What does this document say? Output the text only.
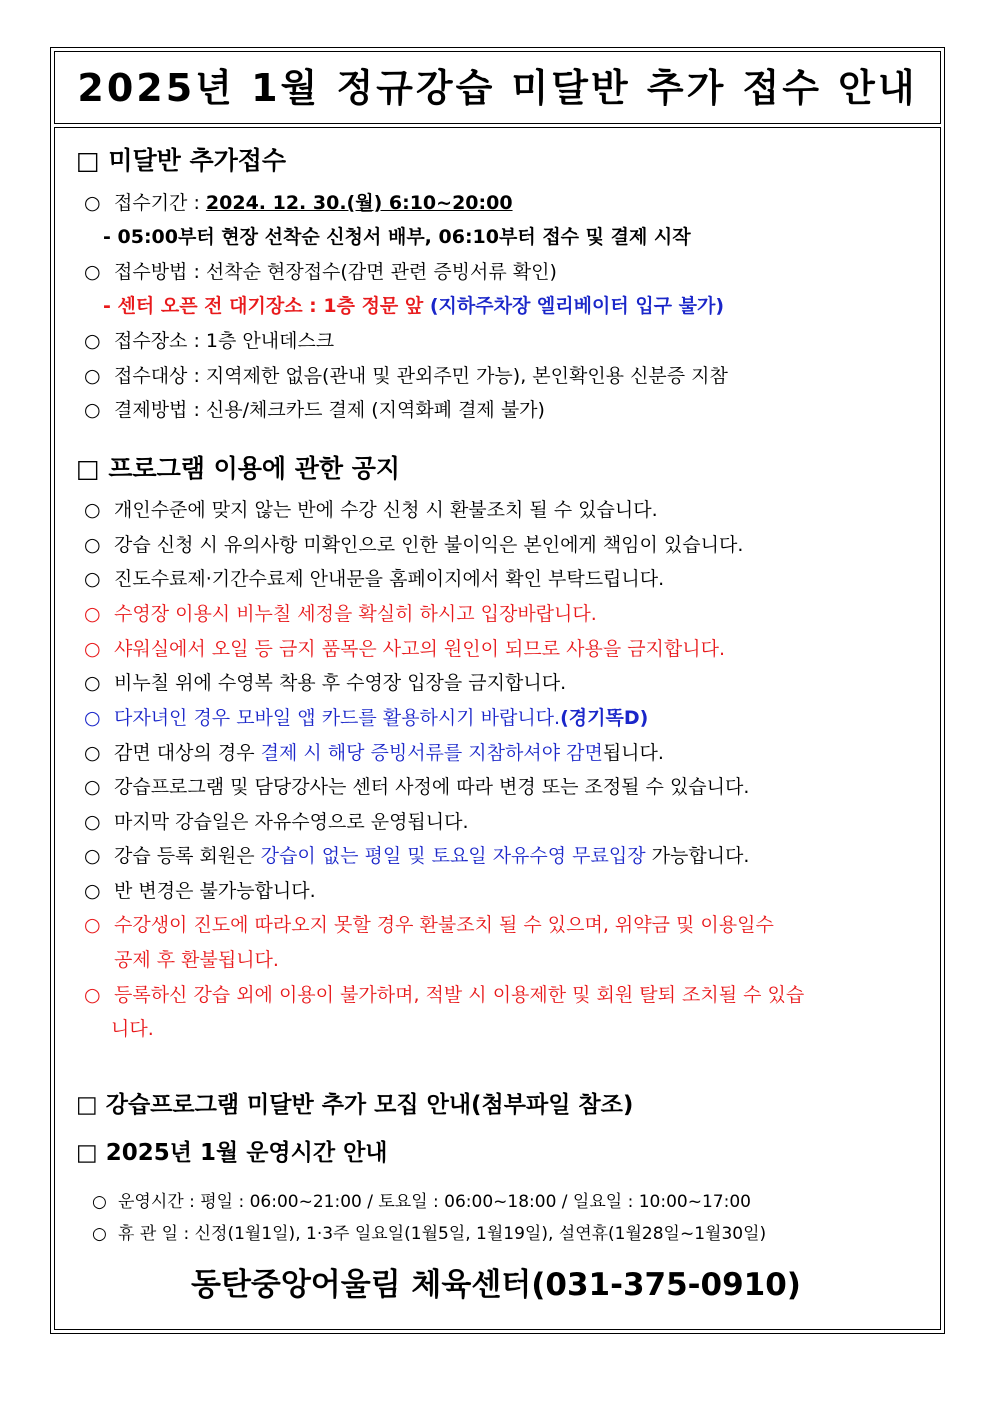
2025년 1월 정규강습 미달반 추가 접수 안내
□ 미달반 추가접수
○ 접수기간 : 2024. 12. 30.(월) 6:10~20:00
- 05:00부터 현장 선착순 신청서 배부, 06:10부터 접수 및 결제 시작
○ 접수방법 : 선착순 현장접수(감면 관련 증빙서류 확인)
- 센터 오픈 전 대기장소 : 1층 정문 앞 (지하주차장 엘리베이터 입구 불가)
○ 접수장소 : 1층 안내데스크
○ 접수대상 : 지역제한 없음(관내 및 관외주민 가능), 본인확인용 신분증 지참
○ 결제방법 : 신용/체크카드 결제 (지역화폐 결제 불가)
□ 프로그램 이용에 관한 공지
○ 개인수준에 맞지 않는 반에 수강 신청 시 환불조치 될 수 있습니다.
○ 강습 신청 시 유의사항 미확인으로 인한 불이익은 본인에게 책임이 있습니다.
○ 진도수료제·기간수료제 안내문을 홈페이지에서 확인 부탁드립니다.
○ 수영장 이용시 비누칠 세정을 확실히 하시고 입장바랍니다.
○ 샤워실에서 오일 등 금지 품목은 사고의 원인이 되므로 사용을 금지합니다.
○ 비누칠 위에 수영복 착용 후 수영장 입장을 금지합니다.
○ 다자녀인 경우 모바일 앱 카드를 활용하시기 바랍니다.(경기똑D)
○ 감면 대상의 경우 결제 시 해당 증빙서류를 지참하셔야 감면됩니다.
○ 강습프로그램 및 담당강사는 센터 사정에 따라 변경 또는 조정될 수 있습니다.
○ 마지막 강습일은 자유수영으로 운영됩니다.
○ 강습 등록 회원은 강습이 없는 평일 및 토요일 자유수영 무료입장 가능합니다.
○ 반 변경은 불가능합니다.
○ 수강생이 진도에 따라오지 못할 경우 환불조치 될 수 있으며, 위약금 및 이용일수
공제 후 환불됩니다.
○ 등록하신 강습 외에 이용이 불가하며, 적발 시 이용제한 및 회원 탈퇴 조치될 수 있습
니다.
□ 강습프로그램 미달반 추가 모집 안내(첨부파일 참조)
□ 2025년 1월 운영시간 안내
○ 운영시간 : 평일 : 06:00~21:00 / 토요일 : 06:00~18:00 / 일요일 : 10:00~17:00
○ 휴 관 일 : 신정(1월1일), 1·3주 일요일(1월5일, 1월19일), 설연휴(1월28일~1월30일)
동탄중앙어울림 체육센터(031-375-0910)
